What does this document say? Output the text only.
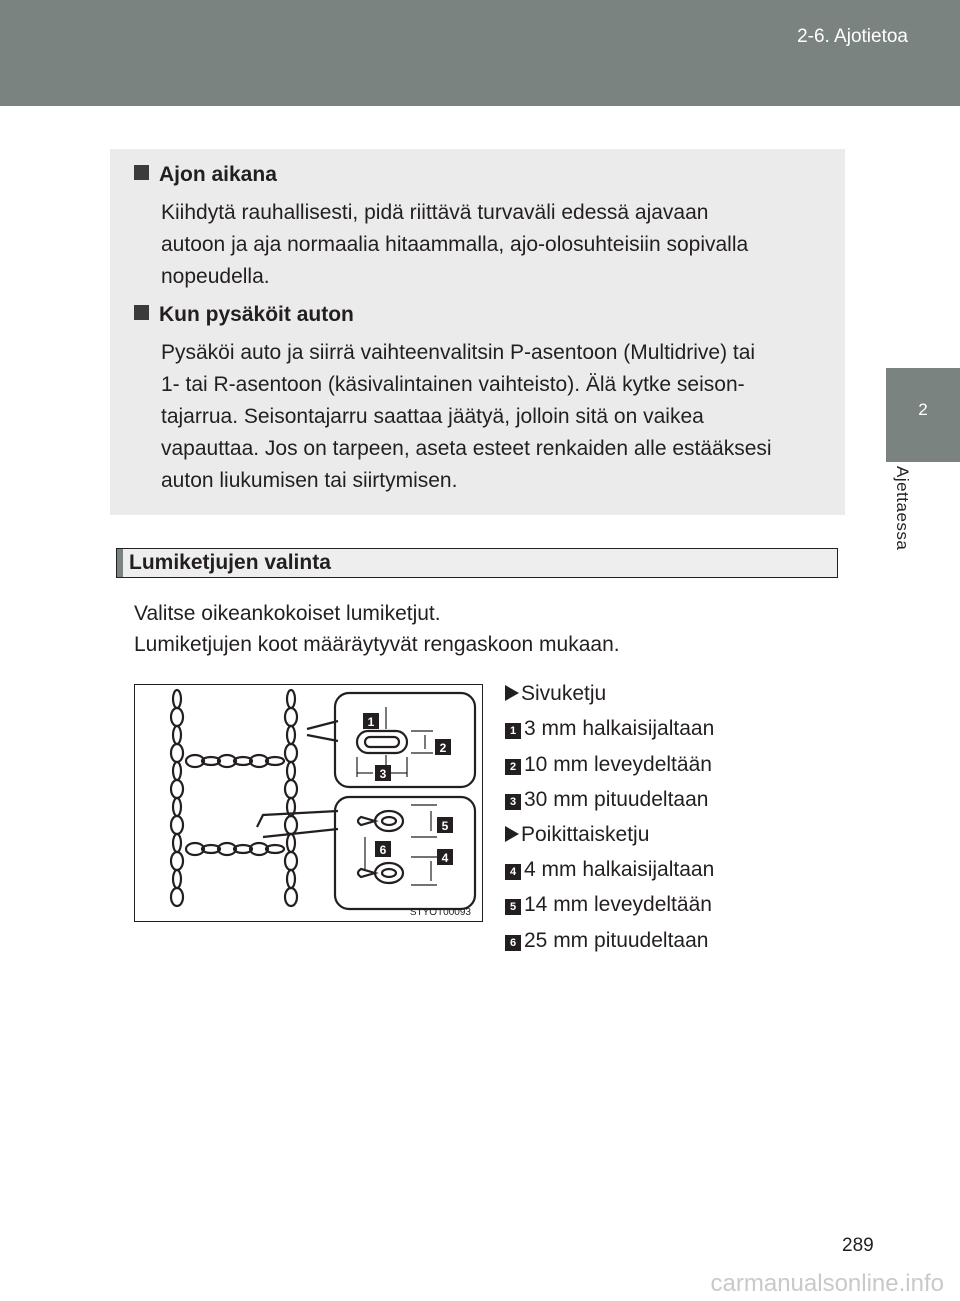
2-6. Ajotietoa
2
Ajettaessa
Ajon aikana
Kiihdytä rauhallisesti, pidä riittävä turvaväli edessä ajavaan
autoon ja aja normaalia hitaammalla, ajo-olosuhteisiin sopivalla
nopeudella.
Kun pysäköit auton
Pysäköi auto ja siirrä vaihteenvalitsin P-asentoon (Multidrive) tai
1- tai R-asentoon (käsivalintainen vaihteisto). Älä kytke seison-
tajarrua. Seisontajarru saattaa jäätyä, jolloin sitä on vaikea
vapauttaa. Jos on tarpeen, aseta esteet renkaiden alle estääksesi
auton liukumisen tai siirtymisen.
Lumiketjujen valinta
Valitse oikeankokoiset lumiketjut.
Lumiketjujen koot määräytyvät rengaskoon mukaan.
1
2
3
4
5
6
STYOT00093
Sivuketju
1 3 mm halkaisijaltaan
2 10 mm leveydeltään
3 30 mm pituudeltaan
Poikittaisketju
4 4 mm halkaisijaltaan
5 14 mm leveydeltään
6 25 mm pituudeltaan
289
carmanualsonline.info
